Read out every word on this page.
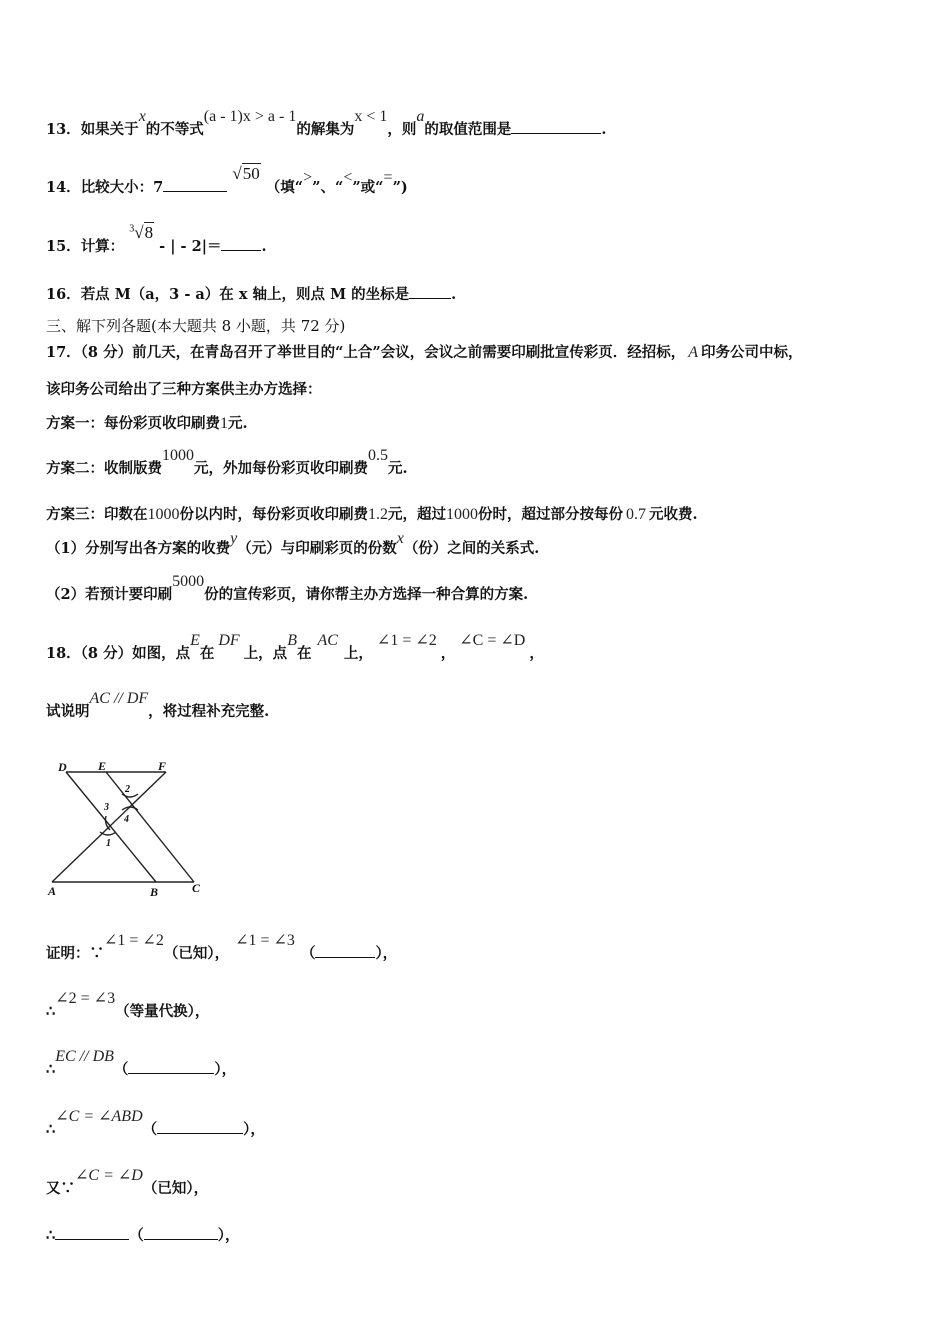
13．如果关于x的不等式(a - 1)x > a - 1的解集为x < 1，则a的取值范围是	.
14．比较大小：7 √50 （填“>”、“<”或“=”)
15．计算： $^3$√8 - | - 2|＝	.
16．若点 M（a，3 - a）在 x 轴上，则点 M 的坐标是	.
三、解下列各题(本大题共 8 小题，共 72 分)
17．（8 分）前几天，在青岛召开了举世目的“上合”会议，会议之前需要印刷批宣传彩页．经招标， A 印务公司中标，
该印务公司给出了三种方案供主办方选择：
方案一：每份彩页收印刷费1元.
方案二：收制版费1000元，外加每份彩页收印刷费0.5元.
方案三：印数在1000份以内时，每份彩页收印刷费1.2元，超过1000份时，超过部分按每份 0.7 元收费.
（1）分别写出各方案的收费y（元）与印刷彩页的份数x（份）之间的关系式.
（2）若预计要印刷5000份的宣传彩页，请你帮主办方选择一种合算的方案.
18．（8 分）如图，点E在DF上，点B在AC上，∠1 = ∠2，∠C = ∠D，
试说明AC // DF，将过程补充完整.
D	E	F
A	B	C
2
3
4
1
证明：∵∠1 = ∠2（已知），∠1 = ∠3（	），
∴∠2 = ∠3（等量代换），
∴EC // DB（	），
∴∠C = ∠ABD（	），
又∵∠C = ∠D（已知），
∴	（	），
